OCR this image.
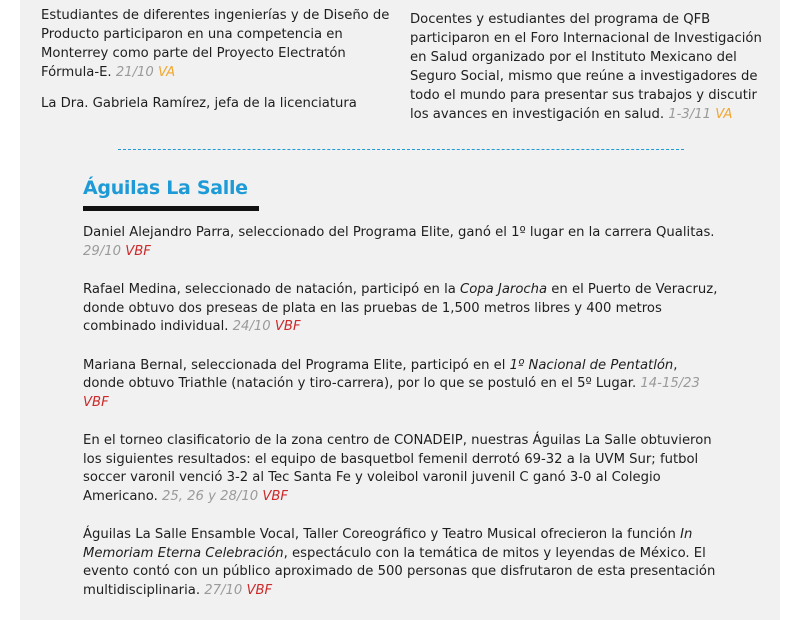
Estudiantes de diferentes ingenierías y de Diseño de Producto participaron en una competencia en Monterrey como parte del Proyecto Electratón Fórmula-E. 21/10 VA

La Dra. Gabriela Ramírez, jefa de la licenciatura

Docentes y estudiantes del programa de QFB participaron en el Foro Internacional de Investigación en Salud organizado por el Instituto Mexicano del Seguro Social, mismo que reúne a investigadores de todo el mundo para presentar sus trabajos y discutir los avances en investigación en salud. 1-3/11 VA

Águilas La Salle

Daniel Alejandro Parra, seleccionado del Programa Elite, ganó el 1º lugar en la carrera Qualitas. 29/10 VBF

Rafael Medina, seleccionado de natación, participó en la Copa Jarocha en el Puerto de Veracruz, donde obtuvo dos preseas de plata en las pruebas de 1,500 metros libres y 400 metros combinado individual. 24/10 VBF

Mariana Bernal, seleccionada del Programa Elite, participó en el 1º Nacional de Pentatlón, donde obtuvo Triathle (natación y tiro-carrera), por lo que se postuló en el 5º Lugar. 14-15/23 VBF

En el torneo clasificatorio de la zona centro de CONADEIP, nuestras Águilas La Salle obtuvieron los siguientes resultados: el equipo de basquetbol femenil derrotó 69-32 a la UVM Sur; futbol soccer varonil venció 3-2 al Tec Santa Fe y voleibol varonil juvenil C ganó 3-0 al Colegio Americano. 25, 26 y 28/10 VBF

Águilas La Salle Ensamble Vocal, Taller Coreográfico y Teatro Musical ofrecieron la función In Memoriam Eterna Celebración, espectáculo con la temática de mitos y leyendas de México. El evento contó con un público aproximado de 500 personas que disfrutaron de esta presentación multidisciplinaria. 27/10 VBF
